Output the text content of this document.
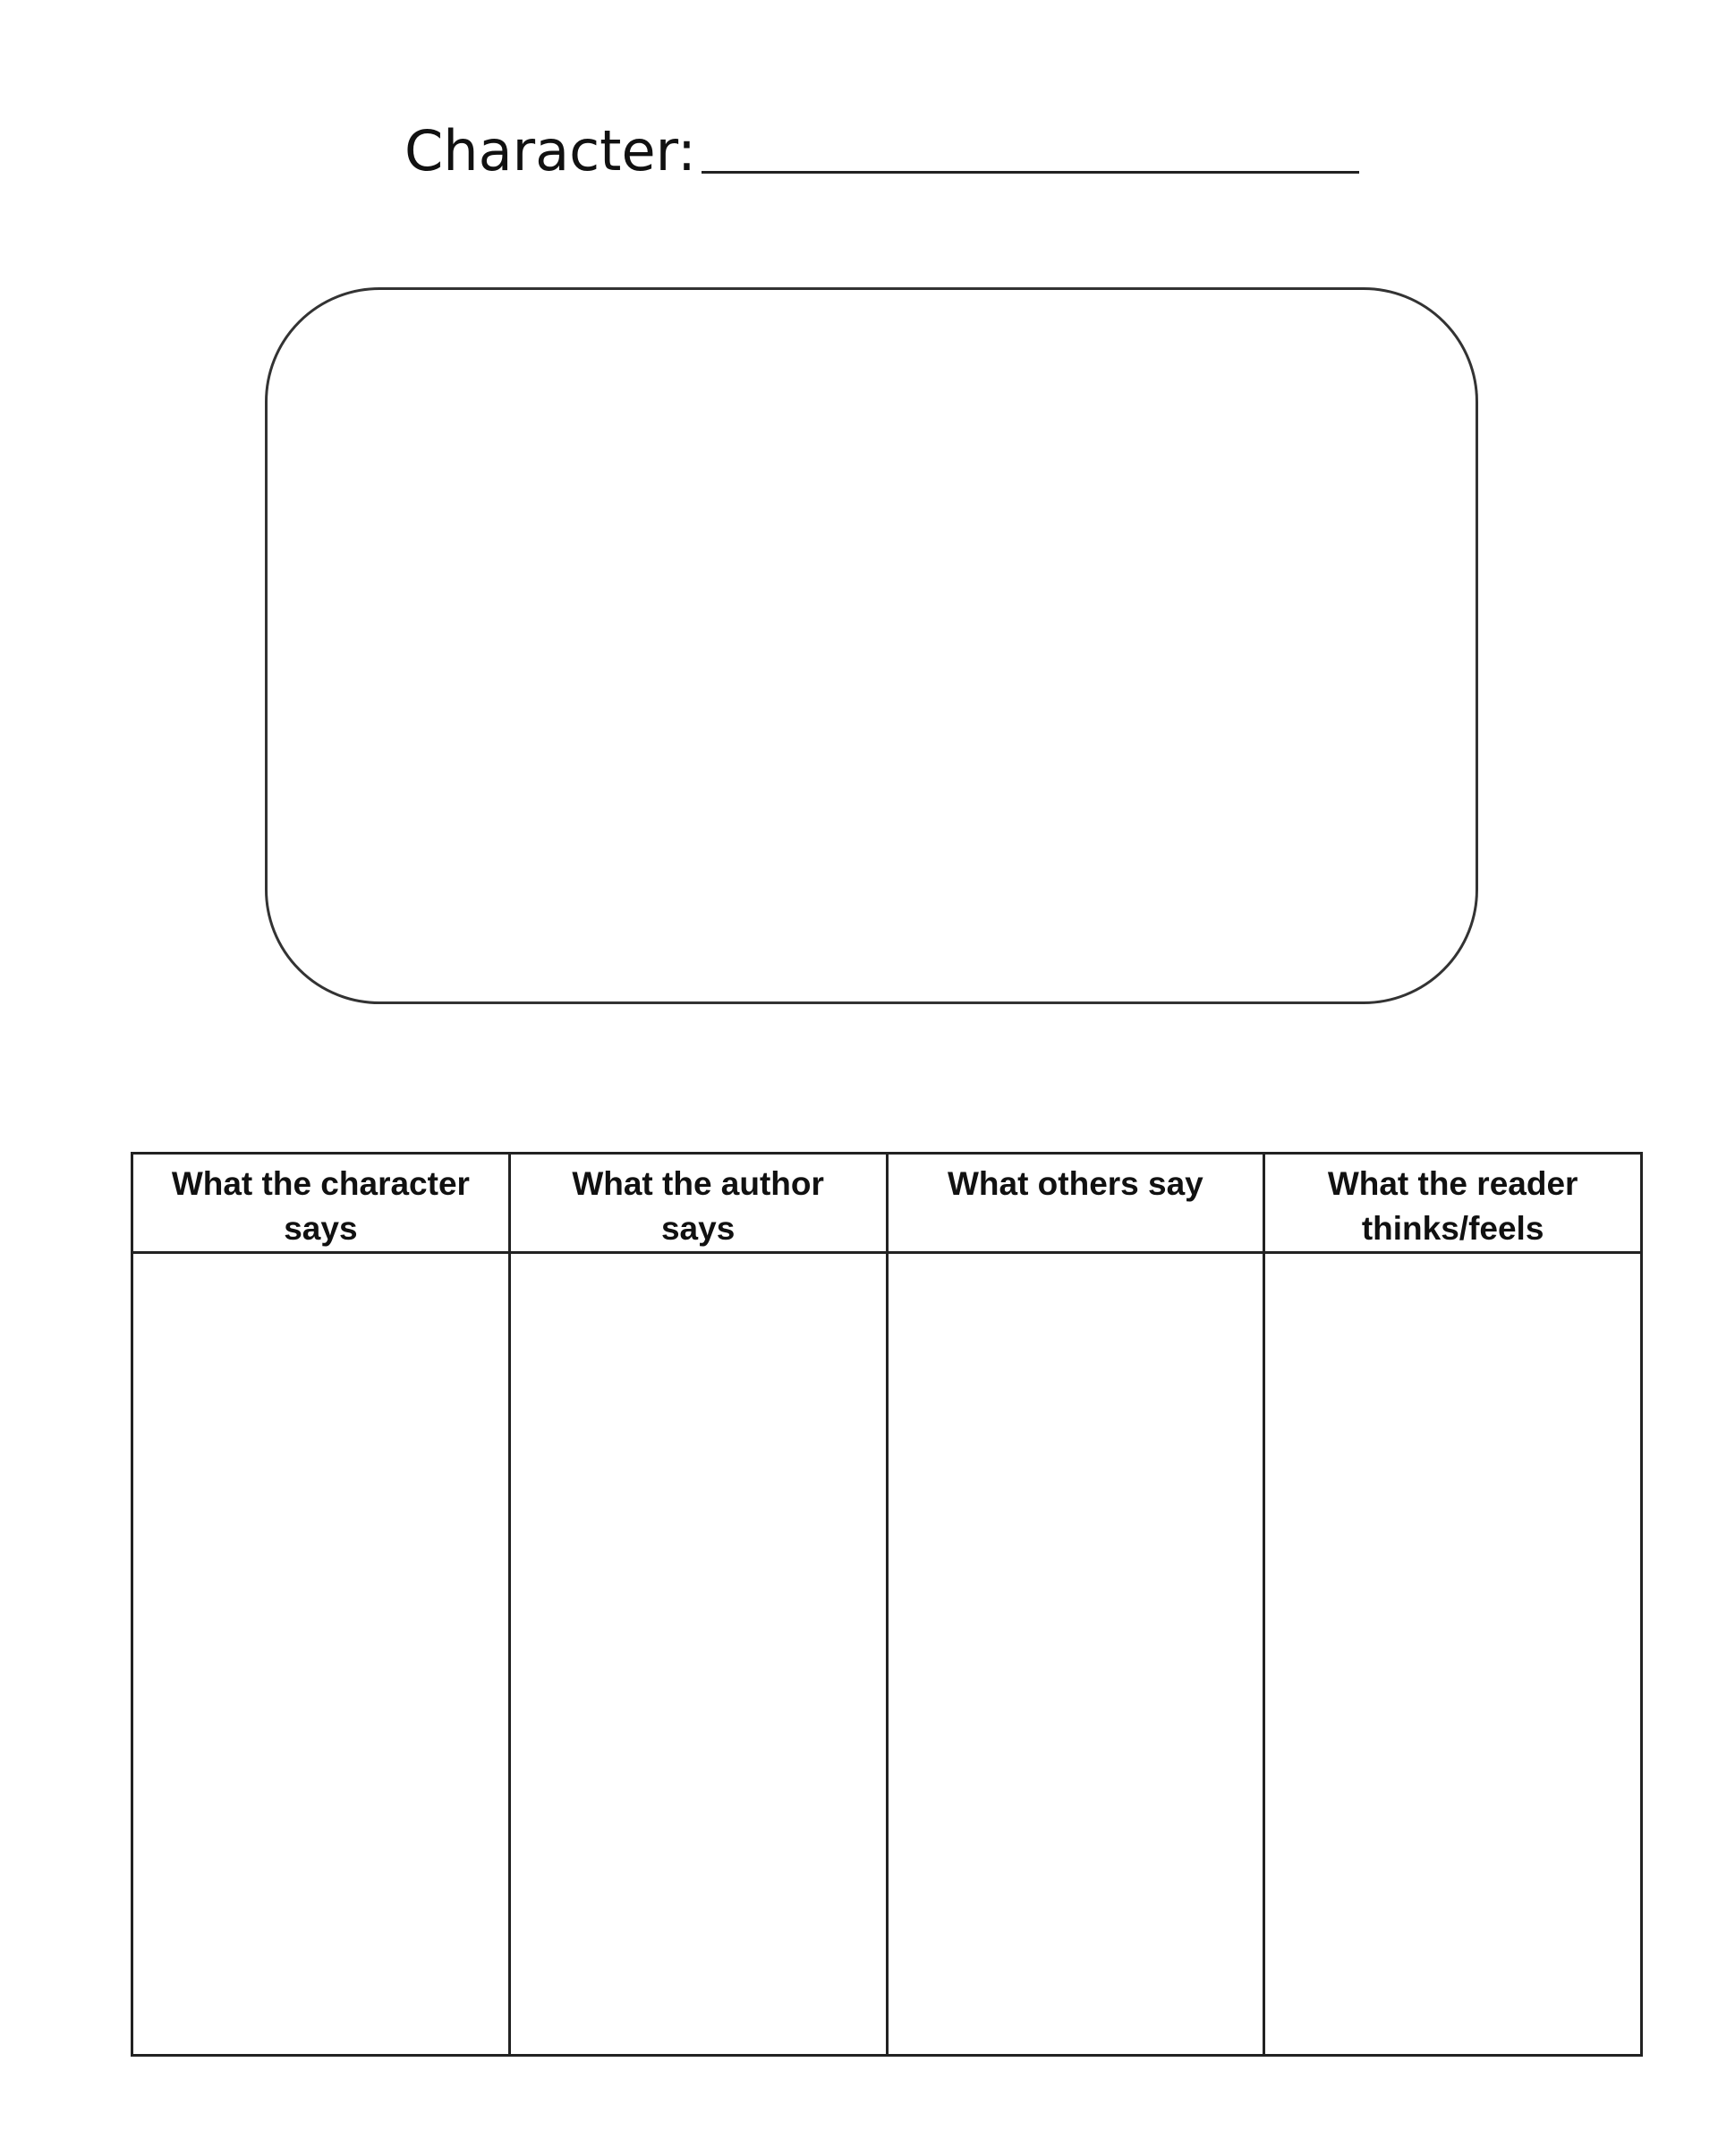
Character:
What the character says	What the author says	What others say	What the reader thinks/feels
